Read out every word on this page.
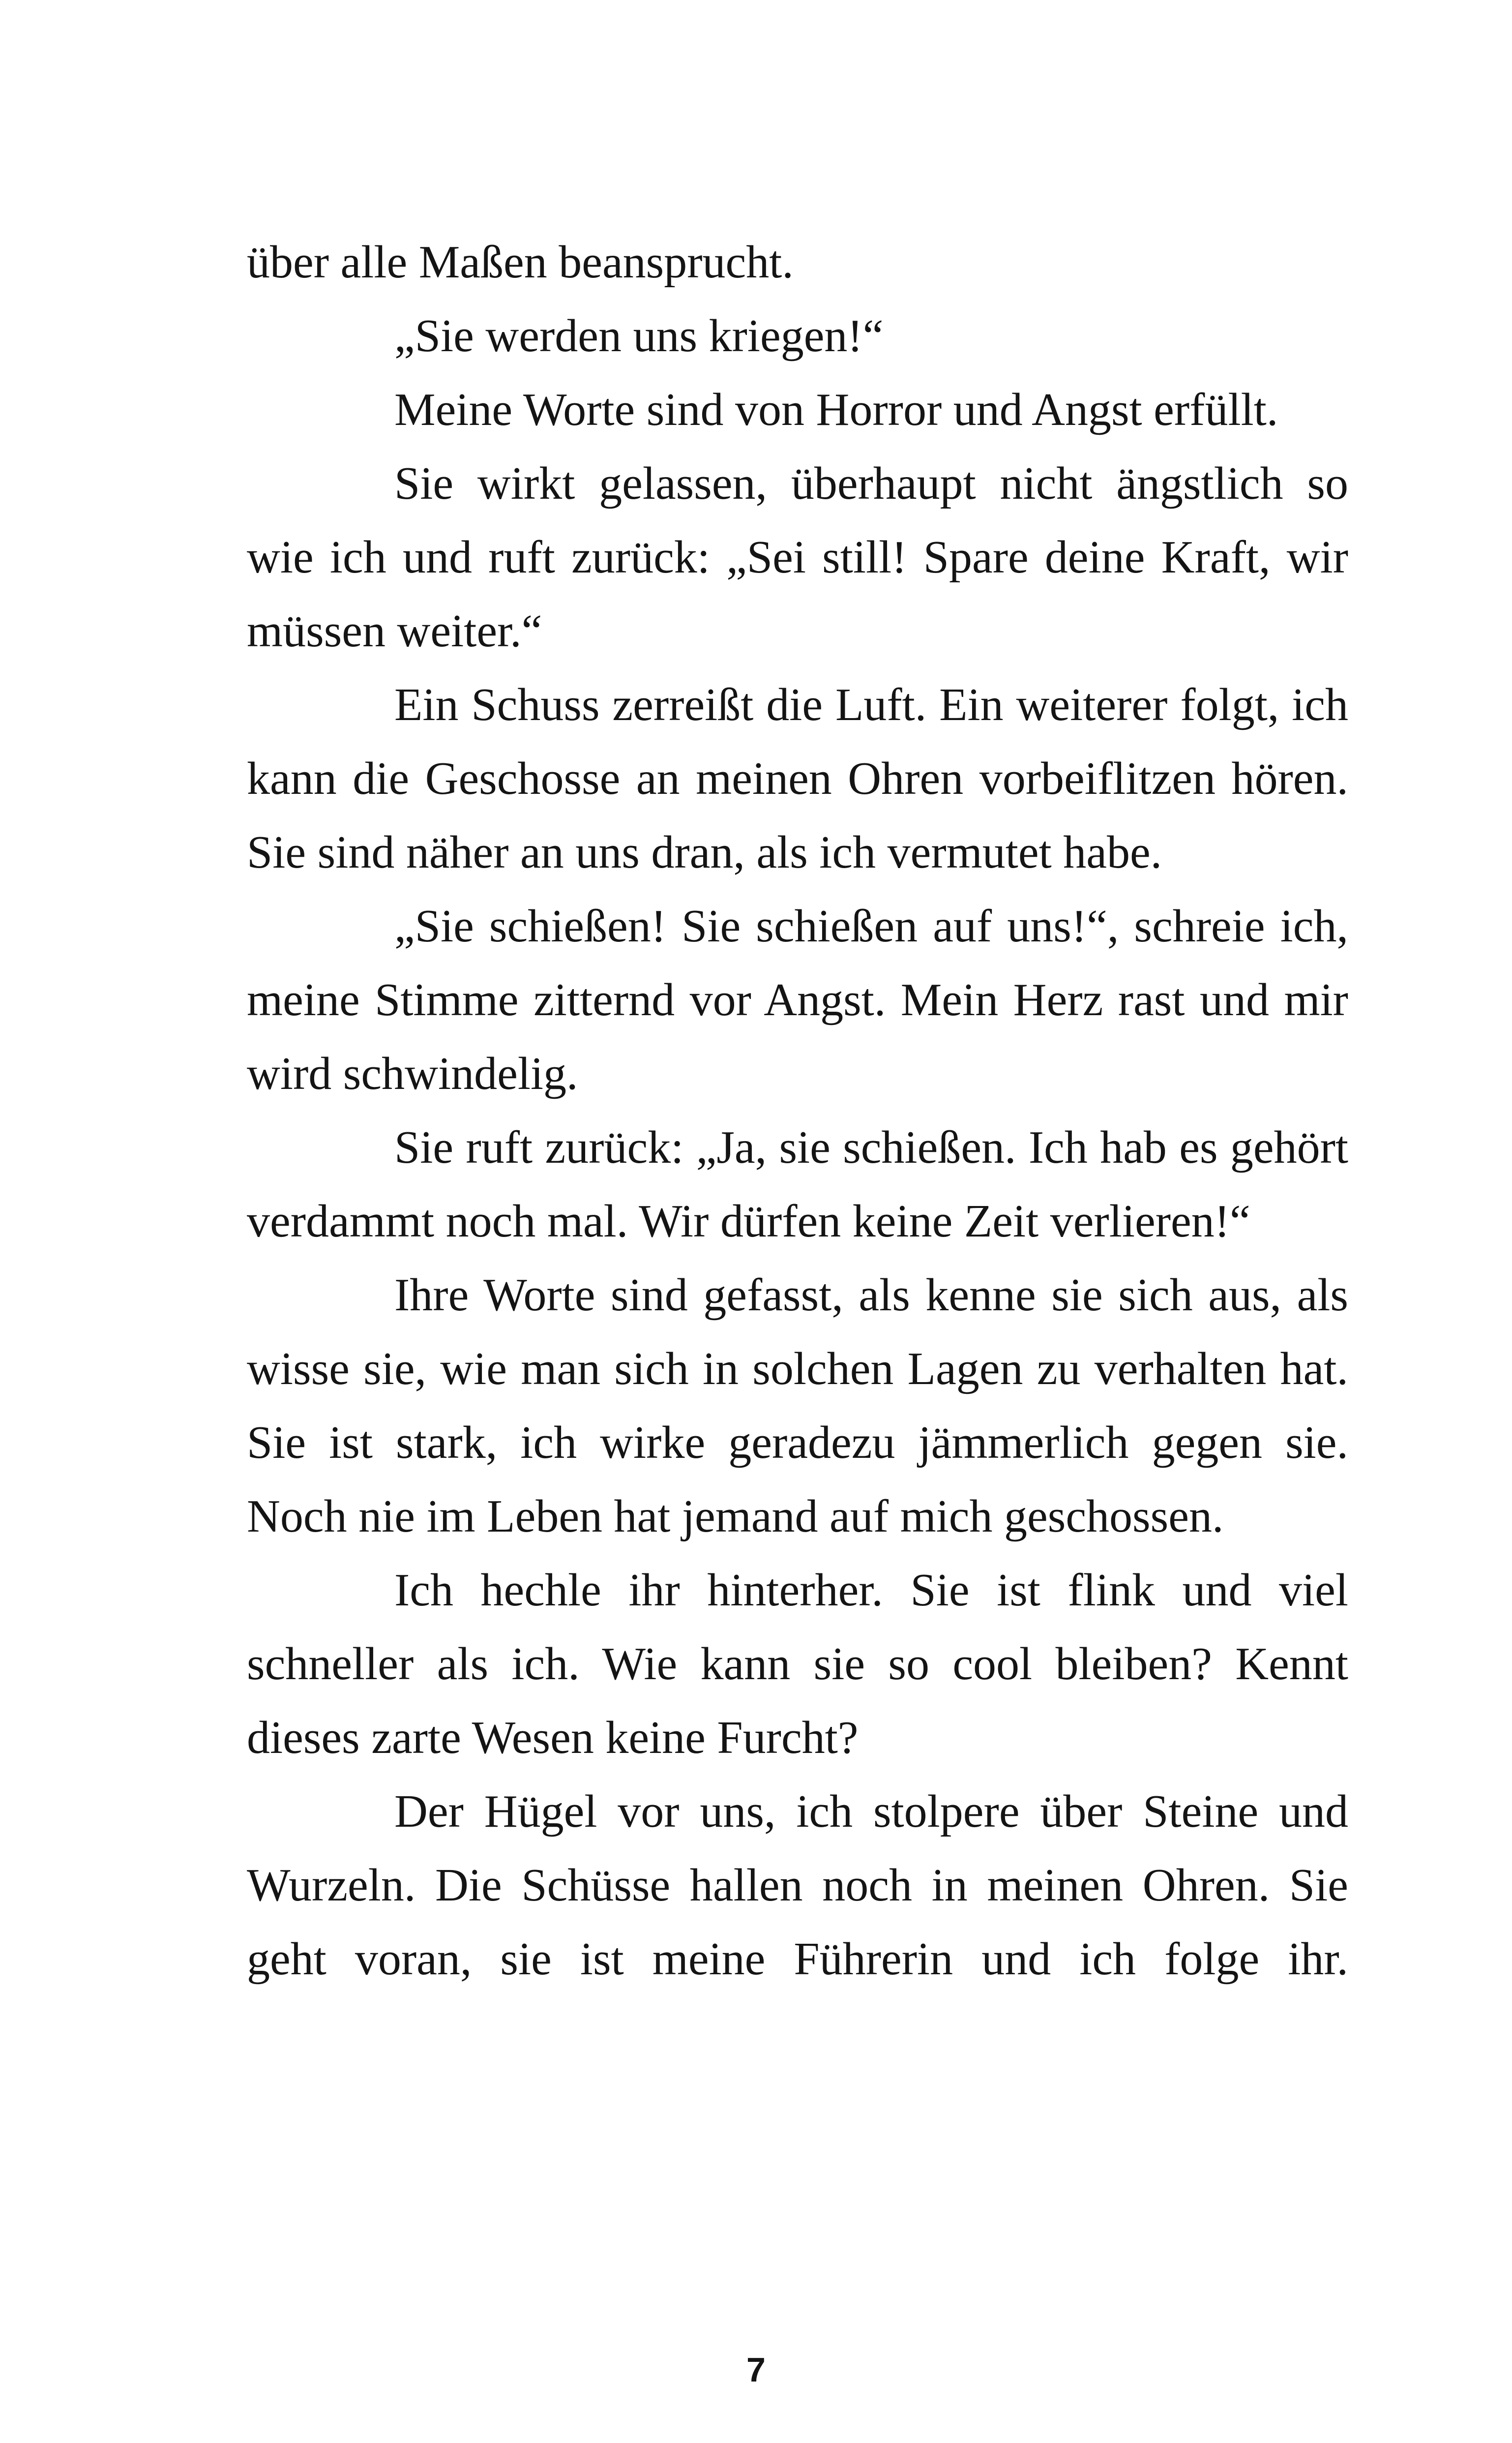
über alle Maßen beansprucht.

„Sie werden uns kriegen!“

Meine Worte sind von Horror und Angst erfüllt.

Sie wirkt gelassen, überhaupt nicht ängstlich so wie ich und ruft zurück: „Sei still! Spare deine Kraft, wir müssen weiter.“

Ein Schuss zerreißt die Luft. Ein weiterer folgt, ich kann die Geschosse an meinen Ohren vorbeiflitzen hören. Sie sind näher an uns dran, als ich vermutet habe.

„Sie schießen! Sie schießen auf uns!“, schreie ich, meine Stimme zitternd vor Angst. Mein Herz rast und mir wird schwindelig.

Sie ruft zurück: „Ja, sie schießen. Ich hab es gehört verdammt noch mal. Wir dürfen keine Zeit verlieren!“

Ihre Worte sind gefasst, als kenne sie sich aus, als wisse sie, wie man sich in solchen Lagen zu verhalten hat. Sie ist stark, ich wirke geradezu jämmerlich gegen sie. Noch nie im Leben hat jemand auf mich geschossen.

Ich hechle ihr hinterher. Sie ist flink und viel schneller als ich. Wie kann sie so cool bleiben? Kennt dieses zarte Wesen keine Furcht?

Der Hügel vor uns, ich stolpere über Steine und Wurzeln. Die Schüsse hallen noch in meinen Ohren. Sie geht voran, sie ist meine Führerin und ich folge ihr.

7
